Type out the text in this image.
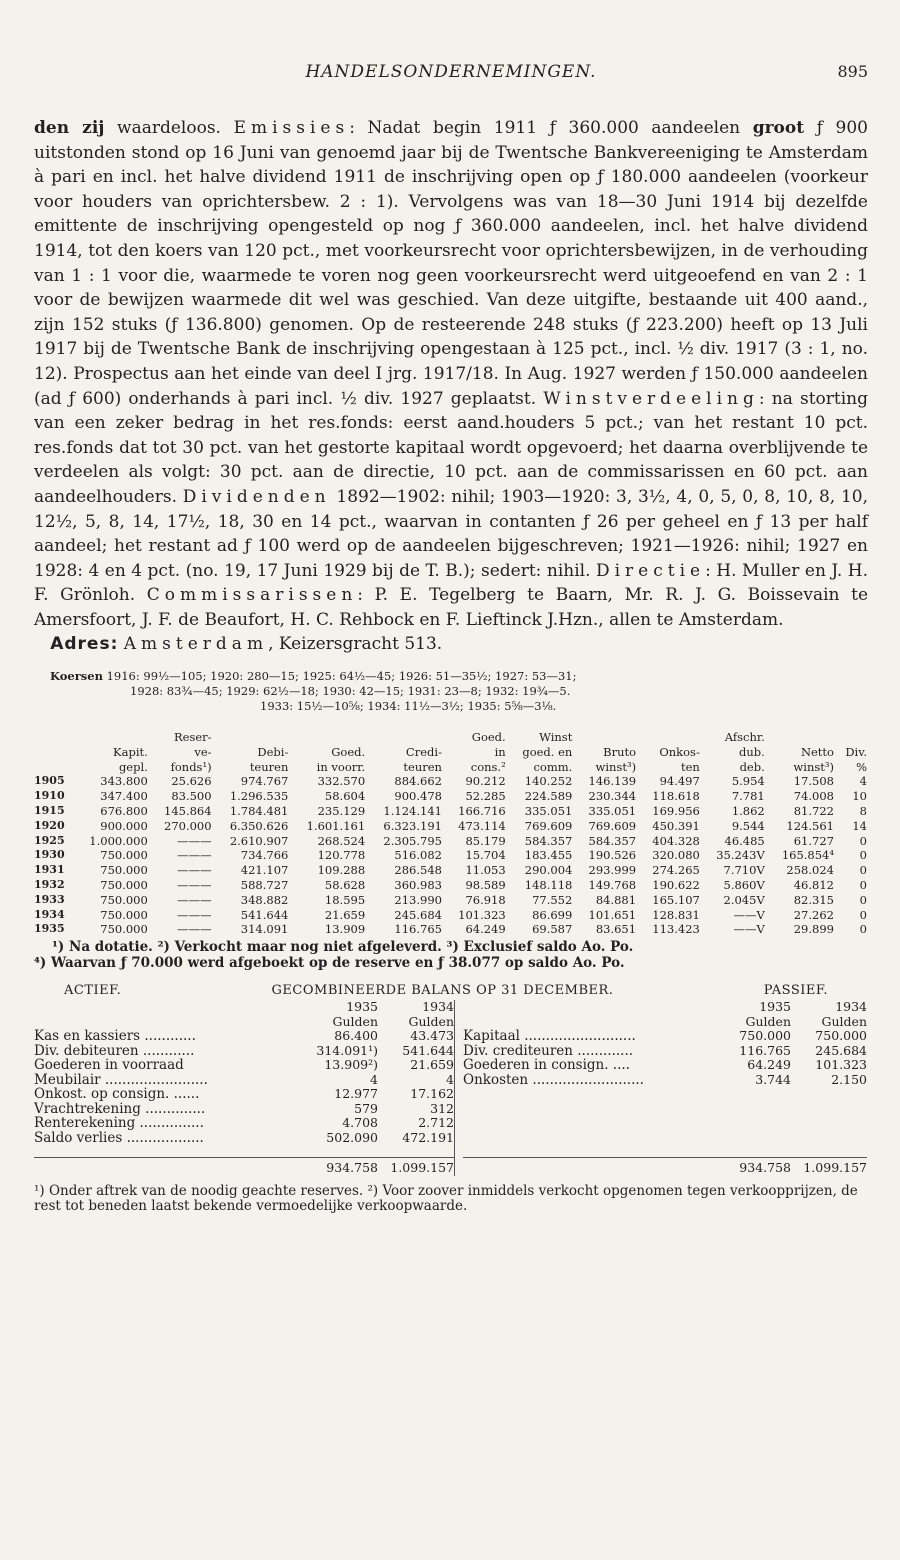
HANDELSONDERNEMINGEN.	895

den zij waardeloos. Emissies: Nadat begin 1911 ƒ 360.000 aandeelen groot ƒ 900 uitstonden stond op 16 Juni van genoemd jaar bij de Twentsche Bankvereeniging te Amsterdam à pari en incl. het halve dividend 1911 de inschrijving open op ƒ 180.000 aandeelen (voorkeur voor houders van oprichtersbew. 2 : 1). Vervolgens was van 18—30 Juni 1914 bij dezelfde emittente de inschrijving opengesteld op nog ƒ 360.000 aandeelen, incl. het halve dividend 1914, tot den koers van 120 pct., met voorkeursrecht voor oprichtersbewijzen, in de verhouding van 1 : 1 voor die, waarmede te voren nog geen voorkeursrecht werd uitgeoefend en van 2 : 1 voor de bewijzen waarmede dit wel was geschied. Van deze uitgifte, bestaande uit 400 aand., zijn 152 stuks (ƒ 136.800) genomen. Op de resteerende 248 stuks (ƒ 223.200) heeft op 13 Juli 1917 bij de Twentsche Bank de inschrijving opengestaan à 125 pct., incl. ½ div. 1917 (3 : 1, no. 12). Prospectus aan het einde van deel I jrg. 1917/18. In Aug. 1927 werden ƒ 150.000 aandeelen (ad ƒ 600) onderhands à pari incl. ½ div. 1927 geplaatst. Winstverdeeling: na storting van een zeker bedrag in het res.fonds: eerst aand.houders 5 pct.; van het restant 10 pct. res.fonds dat tot 30 pct. van het gestorte kapitaal wordt opgevoerd; het daarna overblijvende te verdeelen als volgt: 30 pct. aan de directie, 10 pct. aan de commissarissen en 60 pct. aan aandeelhouders. Dividenden 1892—1902: nihil; 1903—1920: 3, 3½, 4, 0, 5, 0, 8, 10, 8, 10, 12½, 5, 8, 14, 17½, 18, 30 en 14 pct., waarvan in contanten ƒ 26 per geheel en ƒ 13 per half aandeel; het restant ad ƒ 100 werd op de aandeelen bijgeschreven; 1921—1926: nihil; 1927 en 1928: 4 en 4 pct. (no. 19, 17 Juni 1929 bij de T. B.); sedert: nihil. Directie: H. Muller en J. H. F. Grönloh. Commissarissen: P. E. Tegelberg te Baarn, Mr. R. J. G. Boissevain te Amersfoort, J. F. de Beaufort, H. C. Rehbock en F. Lieftinck J.Hzn., allen te Amsterdam.

Adres: Amsterdam, Keizersgracht 513.

Koersen 1916: 99½—105; 1920: 280—15; 1925: 64½—45; 1926: 51—35½; 1927: 53—31;
1928: 83¾—45; 1929: 62½—18; 1930: 42—15; 1931: 23—8; 1932: 19¾—5.
1933: 15½—10⅝; 1934: 11½—3½; 1935: 5⅝—3⅛.
		Reser-				Goed.	Winst			Afschr.		
	Kapit.	ve-	Debi-	Goed.	Credi-	in	goed. en	Bruto	Onkos-	dub.	Netto	Div.
	gepl.	fonds¹)	teuren	in voorr.	teuren	cons.²	comm.	winst³)	ten	deb.	winst³)	%
1905	343.800	25.626	974.767	332.570	884.662	90.212	140.252	146.139	94.497	5.954	17.508	4
1910	347.400	83.500	1.296.535	58.604	900.478	52.285	224.589	230.344	118.618	7.781	74.008	10
1915	676.800	145.864	1.784.481	235.129	1.124.141	166.716	335.051	335.051	169.956	1.862	81.722	8
1920	900.000	270.000	6.350.626	1.601.161	6.323.191	473.114	769.609	769.609	450.391	9.544	124.561	14
1925	1.000.000	———	2.610.907	268.524	2.305.795	85.179	584.357	584.357	404.328	46.485	61.727	0
1930	750.000	———	734.766	120.778	516.082	15.704	183.455	190.526	320.080	35.243V	165.854⁴	0
1931	750.000	———	421.107	109.288	286.548	11.053	290.004	293.999	274.265	7.710V	258.024	0
1932	750.000	———	588.727	58.628	360.983	98.589	148.118	149.768	190.622	5.860V	46.812	0
1933	750.000	———	348.882	18.595	213.990	76.918	77.552	84.881	165.107	2.045V	82.315	0
1934	750.000	———	541.644	21.659	245.684	101.323	86.699	101.651	128.831	——V	27.262	0
1935	750.000	———	314.091	13.909	116.765	64.249	69.587	83.651	113.423	——V	29.899	0
¹) Na dotatie. ²) Verkocht maar nog niet afgeleverd. ³) Exclusief saldo Ao. Po.
⁴) Waarvan ƒ 70.000 werd afgeboekt op de reserve en ƒ 38.077 op saldo Ao. Po.
ACTIEF.	GECOMBINEERDE BALANS OP 31 DECEMBER.	PASSIEF.
1935	1934
Gulden	Gulden
Kas en kassiers ............	86.400	43.473
Div. debiteuren ............	314.091¹)	541.644
Goederen in voorraad	13.909²)	21.659
Meubilair ........................	4	4
Onkost. op consign. ......	12.977	17.162
Vrachtrekening ..............	579	312
Renterekening ...............	4.708	2.712
Saldo verlies ..................	502.090	472.191
934.758 1.099.157
1935	1934
Gulden	Gulden
Kapitaal ..........................	750.000	750.000
Div. crediteuren .............	116.765	245.684
Goederen in consign. ....	64.249	101.323
Onkosten ..........................	3.744	2.150
934.758 1.099.157
¹) Onder aftrek van de noodig geachte reserves. ²) Voor zoover inmiddels verkocht opgenomen tegen verkoopprijzen, de rest tot beneden laatst bekende vermoedelijke verkoopwaarde.
